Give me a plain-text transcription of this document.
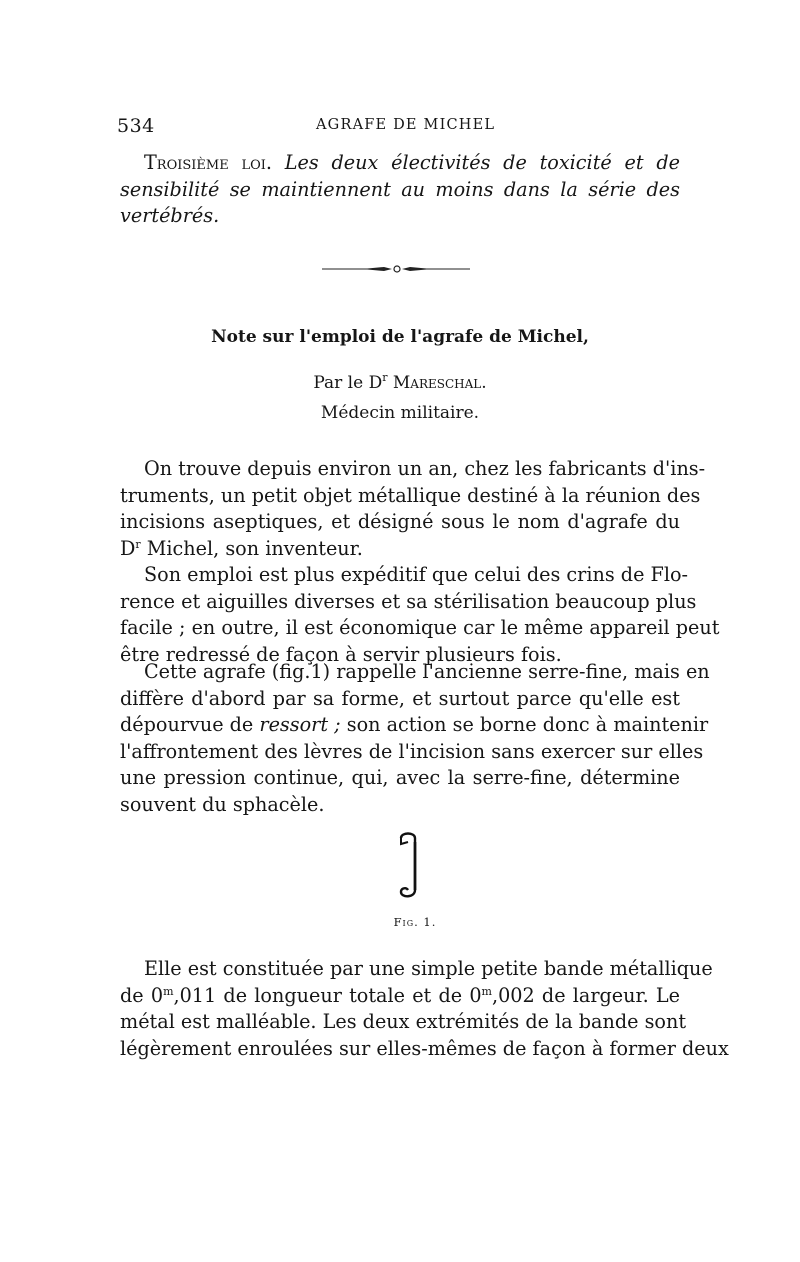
534	AGRAFE DE MICHEL
Troisième loi. Les deux électivités de toxicité et de
sensibilité se maintiennent au moins dans la série des
vertébrés.
Note sur l'emploi de l'agrafe de Michel,
Par le $D^r$ Mareschal.
Médecin militaire.
On trouve depuis environ un an, chez les fabricants d'ins-
truments, un petit objet métallique destiné à la réunion des
incisions aseptiques, et désigné sous le nom d'agrafe du
$D^r$ Michel, son inventeur.
Son emploi est plus expéditif que celui des crins de Flo-
rence et aiguilles diverses et sa stérilisation beaucoup plus
facile ; en outre, il est économique car le même appareil peut
être redressé de façon à servir plusieurs fois.
Cette agrafe (fig.1) rappelle l'ancienne serre-fine, mais en
diffère d'abord par sa forme, et surtout parce qu'elle est
dépourvue de ressort ; son action se borne donc à maintenir
l'affrontement des lèvres de l'incision sans exercer sur elles
une pression continue, qui, avec la serre-fine, détermine
souvent du sphacèle.
Fig. 1.
Elle est constituée par une simple petite bande métallique
de 0$^m$,011 de longueur totale et de 0$^m$,002 de largeur. Le
métal est malléable. Les deux extrémités de la bande sont
légèrement enroulées sur elles-mêmes de façon à former deux
